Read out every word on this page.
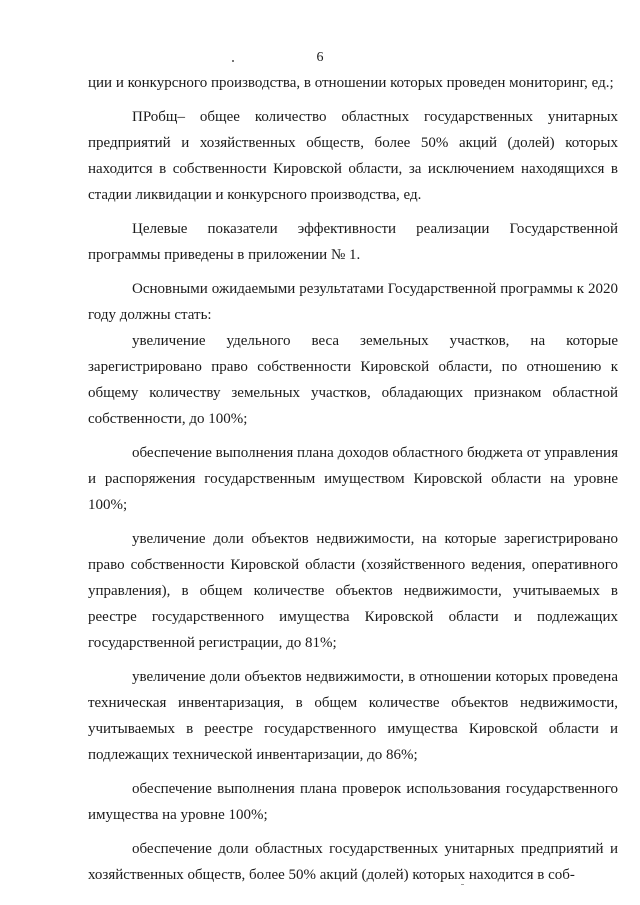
6

ции и конкурсного производства, в отношении которых проведен мониторинг, ед.;

ПРобщ– общее количество областных государственных унитарных предприятий и хозяйственных обществ, более 50% акций (долей) которых находится в собственности Кировской области, за исключением находящихся в стадии ликвидации и конкурсного производства, ед.

Целевые показатели эффективности реализации Государственной программы приведены в приложении № 1.

Основными ожидаемыми результатами Государственной программы к 2020 году должны стать:

увеличение удельного веса земельных участков, на которые зарегистрировано право собственности Кировской области, по отношению к общему количеству земельных участков, обладающих признаком областной собственности, до 100%;

обеспечение выполнения плана доходов областного бюджета от управления и распоряжения государственным имуществом Кировской области на уровне 100%;

увеличение доли объектов недвижимости, на которые зарегистрировано право собственности Кировской области (хозяйственного ведения, оперативного управления), в общем количестве объектов недвижимости, учитываемых в реестре государственного имущества Кировской области и подлежащих государственной регистрации, до 81%;

увеличение доли объектов недвижимости, в отношении которых проведена техническая инвентаризация, в общем количестве объектов недвижимости, учитываемых в реестре государственного имущества Кировской области и подлежащих технической инвентаризации, до 86%;

обеспечение выполнения плана проверок использования государственного имущества на уровне 100%;

обеспечение доли областных государственных унитарных предприятий и хозяйственных обществ, более 50% акций (долей) которых находится в соб-
